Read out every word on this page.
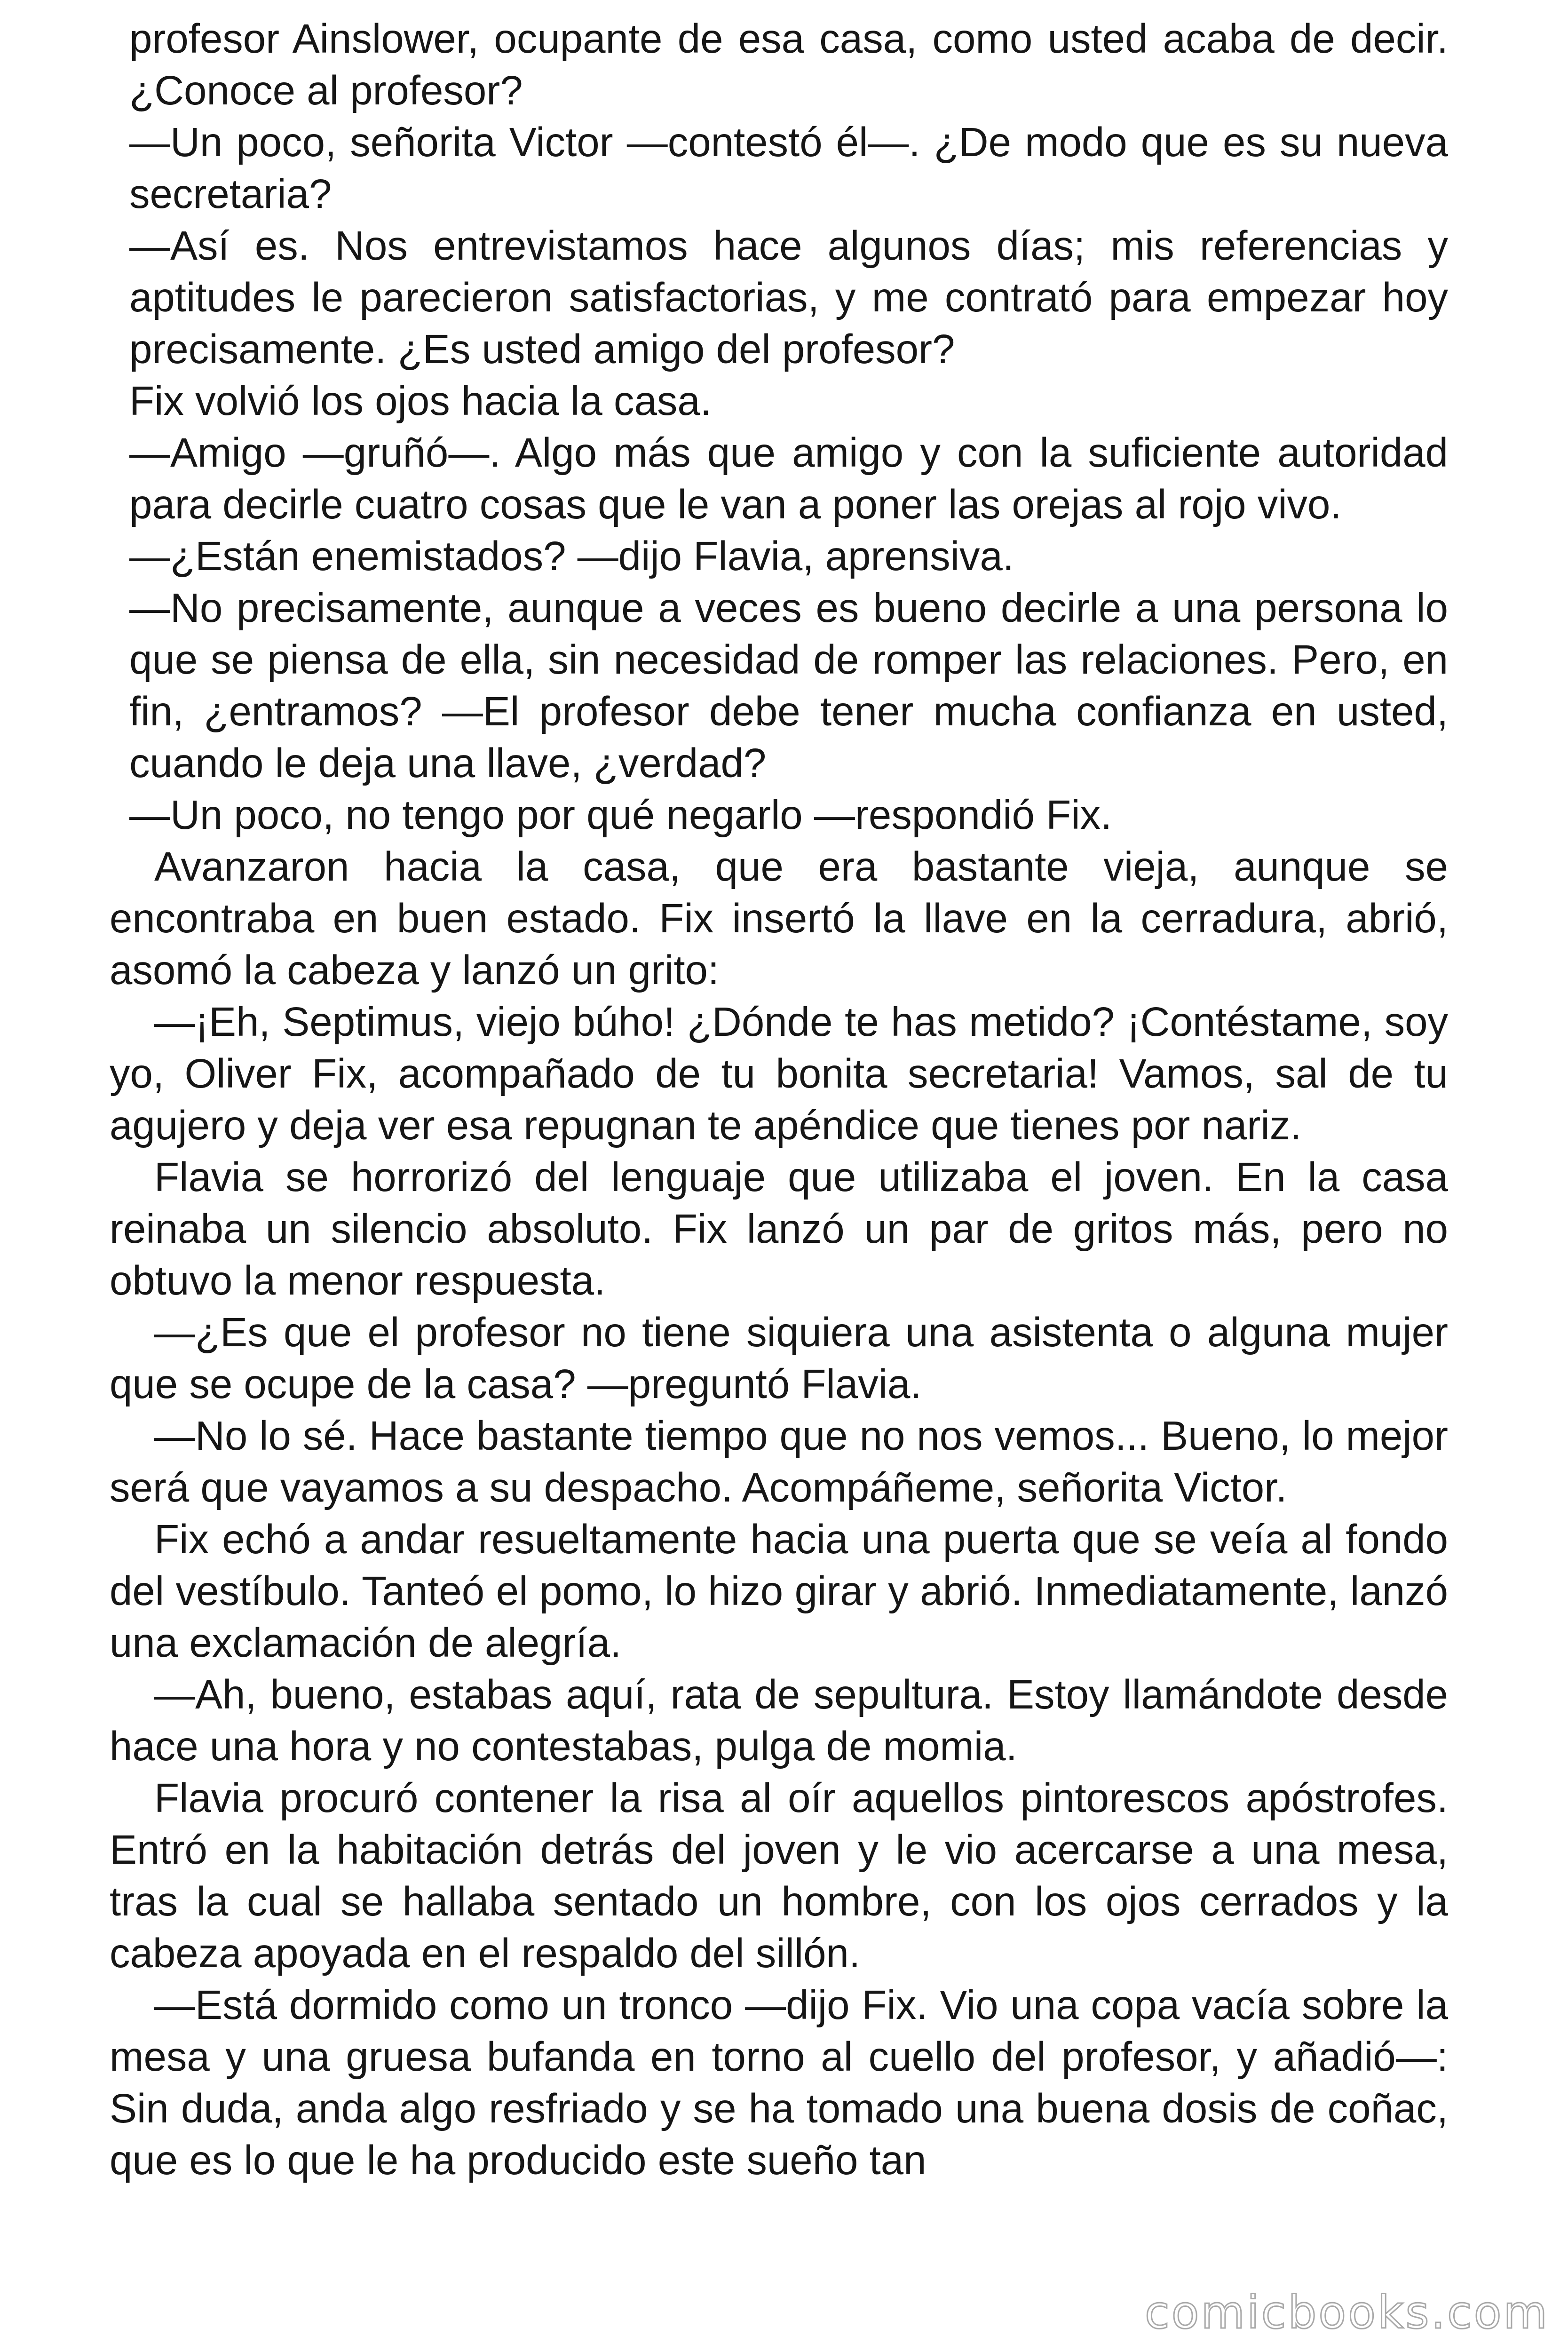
profesor Ainslower, ocupante de esa casa, como usted acaba de decir. ¿Conoce al profesor?

—Un poco, señorita Victor —contestó él—. ¿De modo que es su nueva secretaria?

—Así es. Nos entrevistamos hace algunos días; mis referencias y aptitudes le parecieron satisfactorias, y me contrató para empezar hoy precisamente. ¿Es usted amigo del profesor?

Fix volvió los ojos hacia la casa.

—Amigo —gruñó—. Algo más que amigo y con la suficiente autoridad para decirle cuatro cosas que le van a poner las orejas al rojo vivo.

—¿Están enemistados? —dijo Flavia, aprensiva.

—No precisamente, aunque a veces es bueno decirle a una persona lo que se piensa de ella, sin necesidad de romper las relaciones. Pero, en fin, ¿entramos? —El profesor debe tener mucha confianza en usted, cuando le deja una llave, ¿verdad?

—Un poco, no tengo por qué negarlo —respondió Fix.

Avanzaron hacia la casa, que era bastante vieja, aunque se encontraba en buen estado. Fix insertó la llave en la cerradura, abrió, asomó la cabeza y lanzó un grito:

—¡Eh, Septimus, viejo búho! ¿Dónde te has metido? ¡Contéstame, soy yo, Oliver Fix, acompañado de tu bonita secretaria! Vamos, sal de tu agujero y deja ver esa repugnan te apéndice que tienes por nariz.

Flavia se horrorizó del lenguaje que utilizaba el joven. En la casa reinaba un silencio absoluto. Fix lanzó un par de gritos más, pero no obtuvo la menor respuesta.

—¿Es que el profesor no tiene siquiera una asistenta o alguna mujer que se ocupe de la casa? —preguntó Flavia.

—No lo sé. Hace bastante tiempo que no nos vemos... Bueno, lo mejor será que vayamos a su despacho. Acompáñeme, señorita Victor.

Fix echó a andar resueltamente hacia una puerta que se veía al fondo del vestíbulo. Tanteó el pomo, lo hizo girar y abrió. Inmediatamente, lanzó una exclamación de alegría.

—Ah, bueno, estabas aquí, rata de sepultura. Estoy llamándote desde hace una hora y no contestabas, pulga de momia.

Flavia procuró contener la risa al oír aquellos pintorescos apóstrofes. Entró en la habitación detrás del joven y le vio acercarse a una mesa, tras la cual se hallaba sentado un hombre, con los ojos cerrados y la cabeza apoyada en el respaldo del sillón.

—Está dormido como un tronco —dijo Fix. Vio una copa vacía sobre la mesa y una gruesa bufanda en torno al cuello del profesor, y añadió—: Sin duda, anda algo resfriado y se ha tomado una buena dosis de coñac, que es lo que le ha producido este sueño tan

comicbooks.com
